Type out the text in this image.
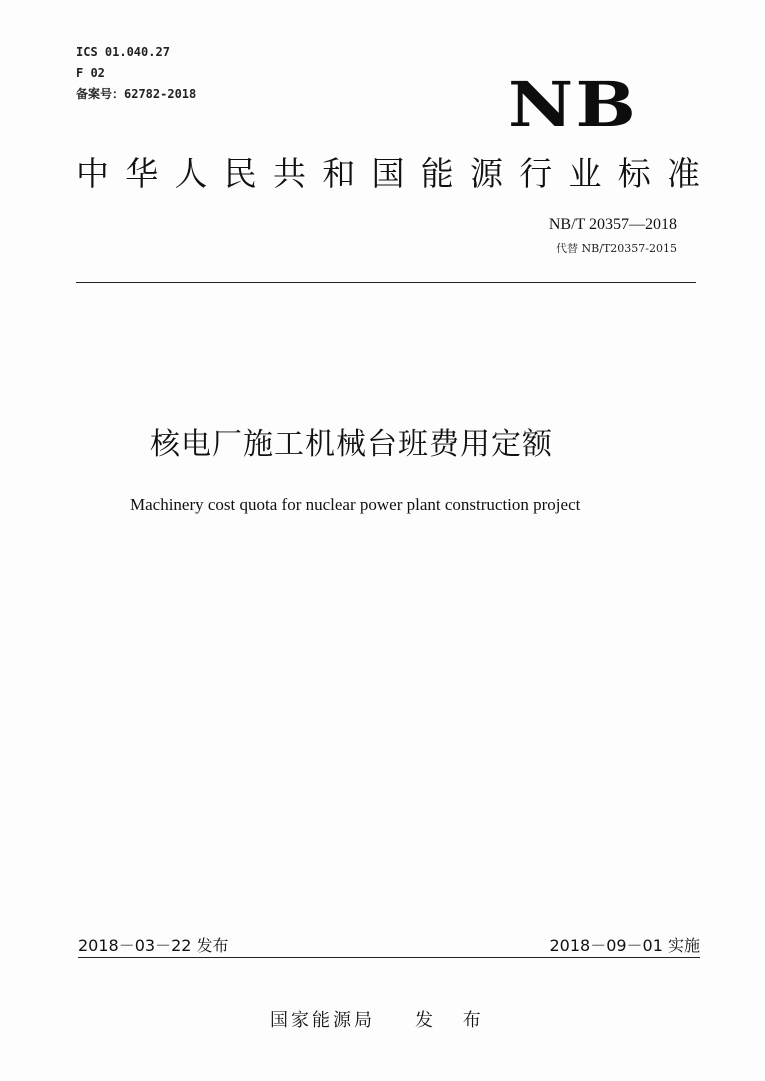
ICS 01.040.27
F 02
备案号：62782-2018	NB
中 华 人 民 共 和 国 能 源 行 业 标 准
NB/T 20357—2018
代替 NB/T20357-2015
核电厂施工机械台班费用定额
Machinery cost quota for nuclear power plant construction project
2018－03－22 发布	2018－09－01 实施
国家能源局 发 布
